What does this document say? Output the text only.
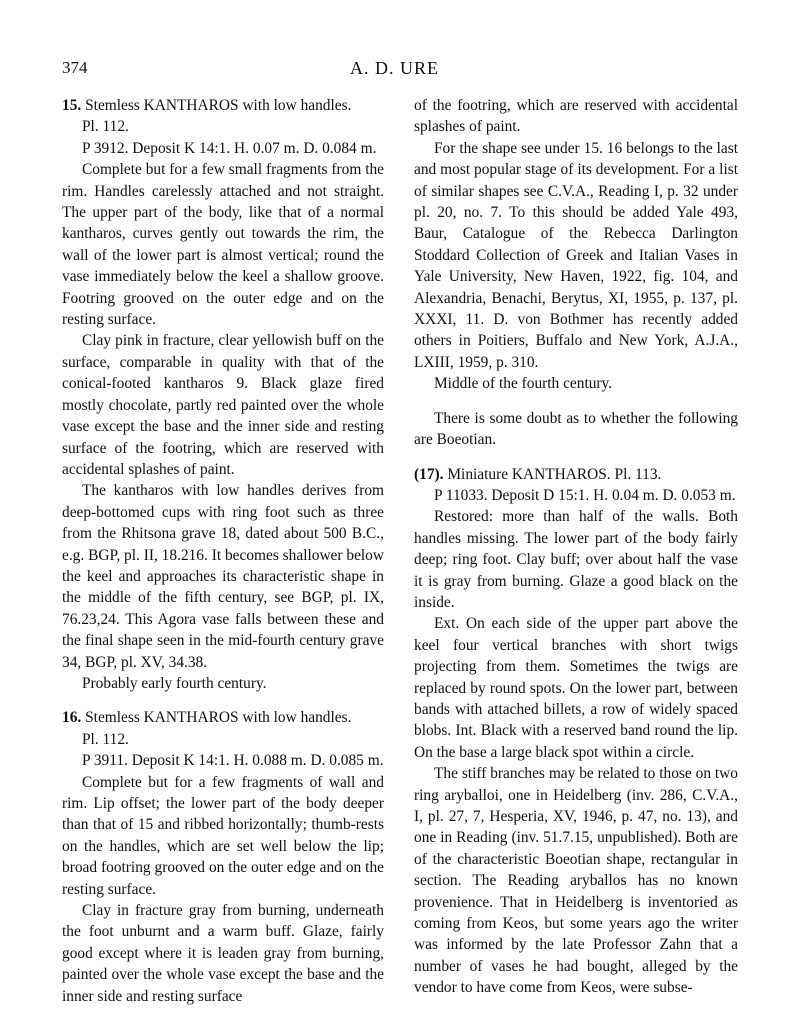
374	A. D. URE

15. Stemless KANTHAROS with low handles.
Pl. 112.

P 3912. Deposit K 14:1. H. 0.07 m. D. 0.084 m.

Complete but for a few small fragments from the rim. Handles carelessly attached and not straight. The upper part of the body, like that of a normal kantharos, curves gently out towards the rim, the wall of the lower part is almost vertical; round the vase immediately below the keel a shallow groove. Footring grooved on the outer edge and on the resting surface.

Clay pink in fracture, clear yellowish buff on the surface, comparable in quality with that of the conical-footed kantharos 9. Black glaze fired mostly chocolate, partly red painted over the whole vase except the base and the inner side and resting surface of the footring, which are reserved with accidental splashes of paint.

The kantharos with low handles derives from deep-bottomed cups with ring foot such as three from the Rhitsona grave 18, dated about 500 B.C., e.g. BGP, pl. II, 18.216. It becomes shallower below the keel and approaches its characteristic shape in the middle of the fifth century, see BGP, pl. IX, 76.23,24. This Agora vase falls between these and the final shape seen in the mid-fourth century grave 34, BGP, pl. XV, 34.38.

Probably early fourth century.

16. Stemless KANTHAROS with low handles.
Pl. 112.

P 3911. Deposit K 14:1. H. 0.088 m. D. 0.085 m.

Complete but for a few fragments of wall and rim. Lip offset; the lower part of the body deeper than that of 15 and ribbed horizontally; thumb-rests on the handles, which are set well below the lip; broad footring grooved on the outer edge and on the resting surface.

Clay in fracture gray from burning, underneath the foot unburnt and a warm buff. Glaze, fairly good except where it is leaden gray from burning, painted over the whole vase except the base and the inner side and resting surface

of the footring, which are reserved with accidental splashes of paint.

For the shape see under 15. 16 belongs to the last and most popular stage of its development. For a list of similar shapes see C.V.A., Reading I, p. 32 under pl. 20, no. 7. To this should be added Yale 493, Baur, Catalogue of the Rebecca Darlington Stoddard Collection of Greek and Italian Vases in Yale University, New Haven, 1922, fig. 104, and Alexandria, Benachi, Berytus, XI, 1955, p. 137, pl. XXXI, 11. D. von Bothmer has recently added others in Poitiers, Buffalo and New York, A.J.A., LXIII, 1959, p. 310.

Middle of the fourth century.

There is some doubt as to whether the following are Boeotian.

(17). Miniature KANTHAROS. Pl. 113.

P 11033. Deposit D 15:1. H. 0.04 m. D. 0.053 m.

Restored: more than half of the walls. Both handles missing. The lower part of the body fairly deep; ring foot. Clay buff; over about half the vase it is gray from burning. Glaze a good black on the inside.

Ext. On each side of the upper part above the keel four vertical branches with short twigs projecting from them. Sometimes the twigs are replaced by round spots. On the lower part, between bands with attached billets, a row of widely spaced blobs. Int. Black with a reserved band round the lip. On the base a large black spot within a circle.

The stiff branches may be related to those on two ring aryballoi, one in Heidelberg (inv. 286, C.V.A., I, pl. 27, 7, Hesperia, XV, 1946, p. 47, no. 13), and one in Reading (inv. 51.7.15, unpublished). Both are of the characteristic Boeotian shape, rectangular in section. The Reading aryballos has no known provenience. That in Heidelberg is inventoried as coming from Keos, but some years ago the writer was informed by the late Professor Zahn that a number of vases he had bought, alleged by the vendor to have come from Keos, were subse-
